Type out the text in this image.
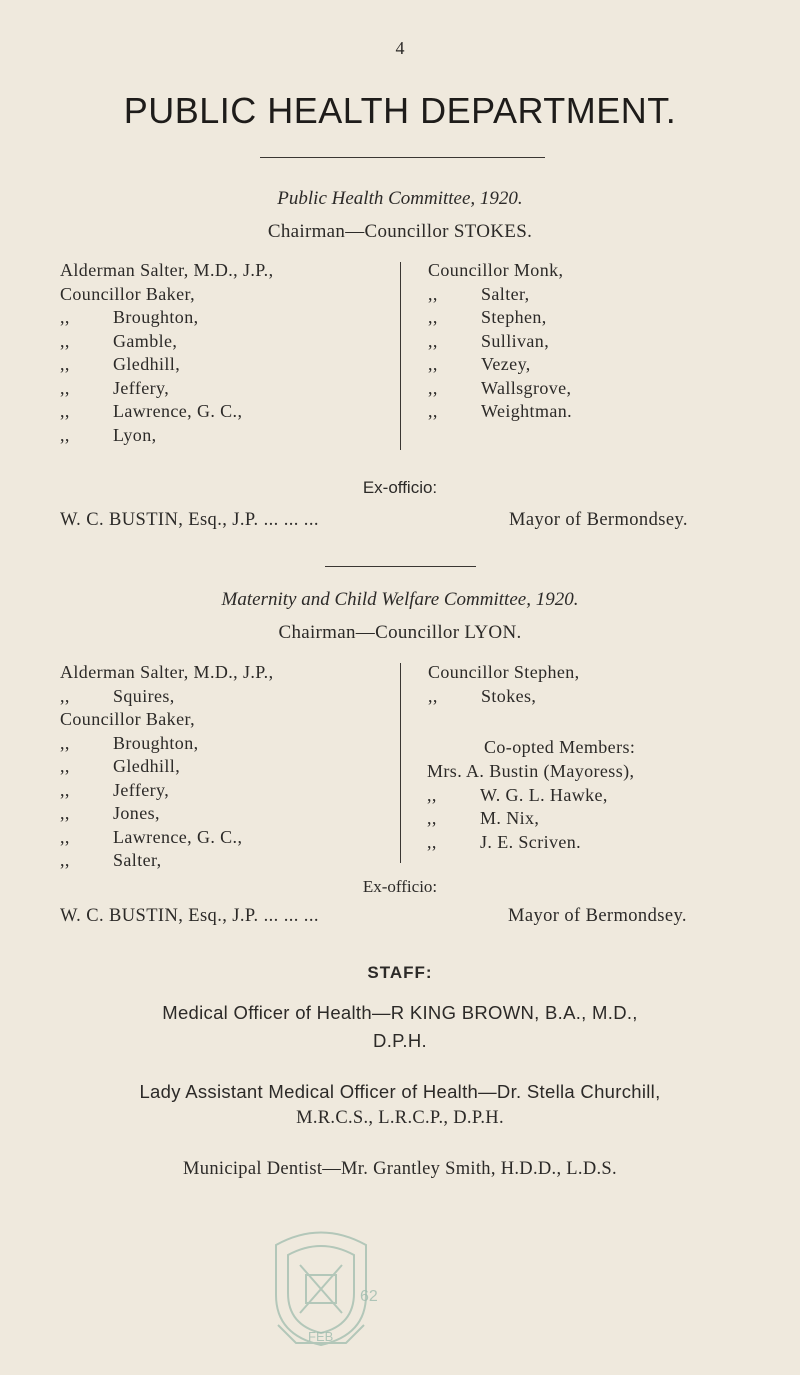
4
PUBLIC HEALTH DEPARTMENT.
Public Health Committee, 1920.
Chairman—Councillor STOKES.
Alderman Salter, M.D., J.P.,
Councillor Baker,
,, Broughton,
,, Gamble,
,, Gledhill,
,, Jeffery,
,, Lawrence, G. C.,
,, Lyon,
Councillor Monk,
,, Salter,
,, Stephen,
,, Sullivan,
,, Vezey,
,, Wallsgrove,
,, Weightman.
Ex-officio:
W. C. BUSTIN, Esq., J.P. ... ... ...	Mayor of Bermondsey.
Maternity and Child Welfare Committee, 1920.
Chairman—Councillor LYON.
Alderman Salter, M.D., J.P.,
,, Squires,
Councillor Baker,
,, Broughton,
,, Gledhill,
,, Jeffery,
,, Jones,
,, Lawrence, G. C.,
,, Salter,
Councillor Stephen,
,, Stokes,
Co-opted Members:
Mrs. A. Bustin (Mayoress),
,, W. G. L. Hawke,
,, M. Nix,
,, J. E. Scriven.
Ex-officio:
W. C. BUSTIN, Esq., J.P. ... ... ...	Mayor of Bermondsey.
STAFF:
Medical Officer of Health—R KING BROWN, B.A., M.D.,
D.P.H.
Lady Assistant Medical Officer of Health—Dr. Stella Churchill,
M.R.C.S., L.R.C.P., D.P.H.
Municipal Dentist—Mr. Grantley Smith, H.D.D., L.D.S.
62
FEB
